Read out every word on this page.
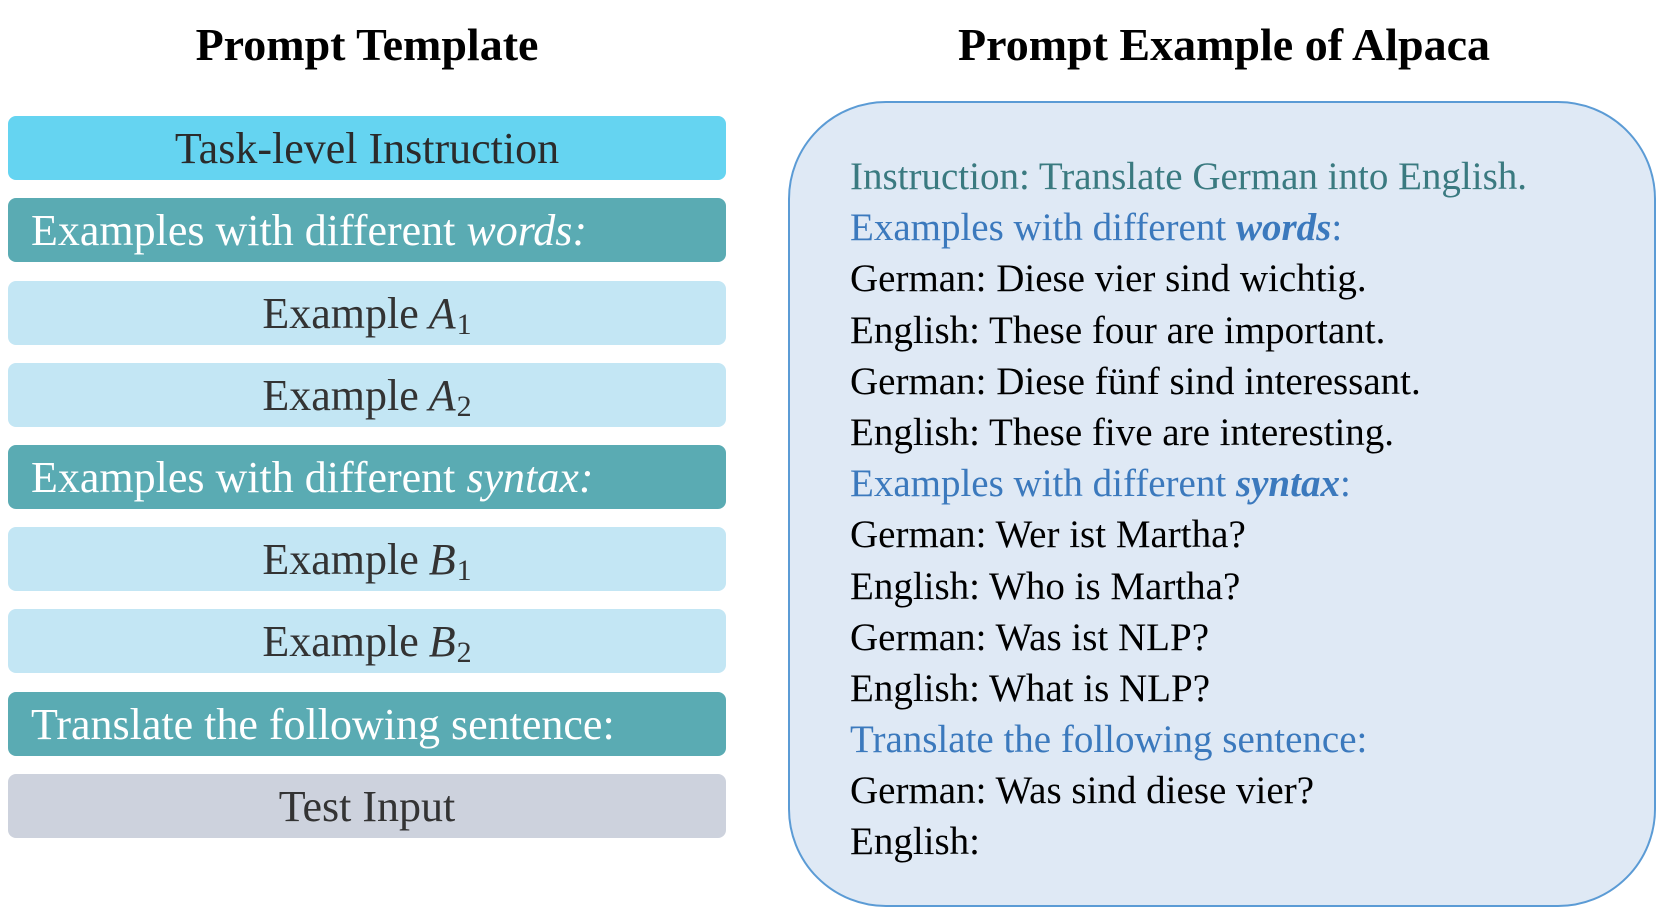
Prompt Template	Prompt Example of Alpaca
Task-level Instruction
Examples with different words:
Example A 1
Example A 2
Examples with different syntax:
Example B 1
Example B 2
Translate the following sentence:
Test Input
Instruction: Translate German into English.
Examples with different words:
German: Diese vier sind wichtig.
English: These four are important.
German: Diese fünf sind interessant.
English: These five are interesting.
Examples with different syntax:
German: Wer ist Martha?
English: Who is Martha?
German: Was ist NLP?
English: What is NLP?
Translate the following sentence:
German: Was sind diese vier?
English:
